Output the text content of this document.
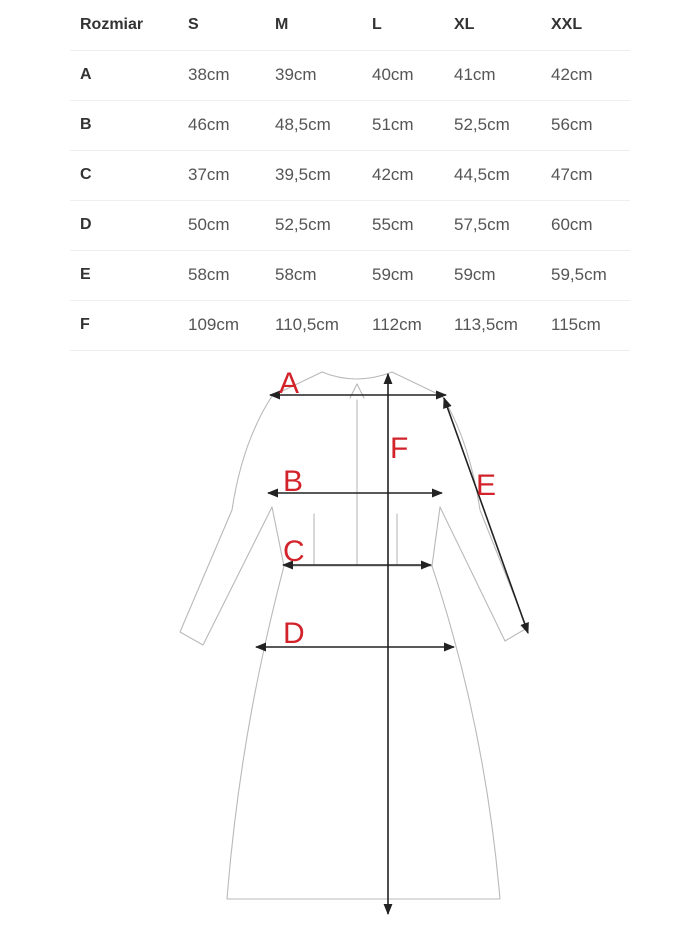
Rozmiar	S	M	L	XL	XXL
A	38cm	39cm	40cm	41cm	42cm
B	46cm	48,5cm	51cm	52,5cm	56cm
C	37cm	39,5cm	42cm	44,5cm	47cm
D	50cm	52,5cm	55cm	57,5cm	60cm
E	58cm	58cm	59cm	59cm	59,5cm
F	109cm	110,5cm	112cm	113,5cm	115cm
A
B
C
D
E
F
